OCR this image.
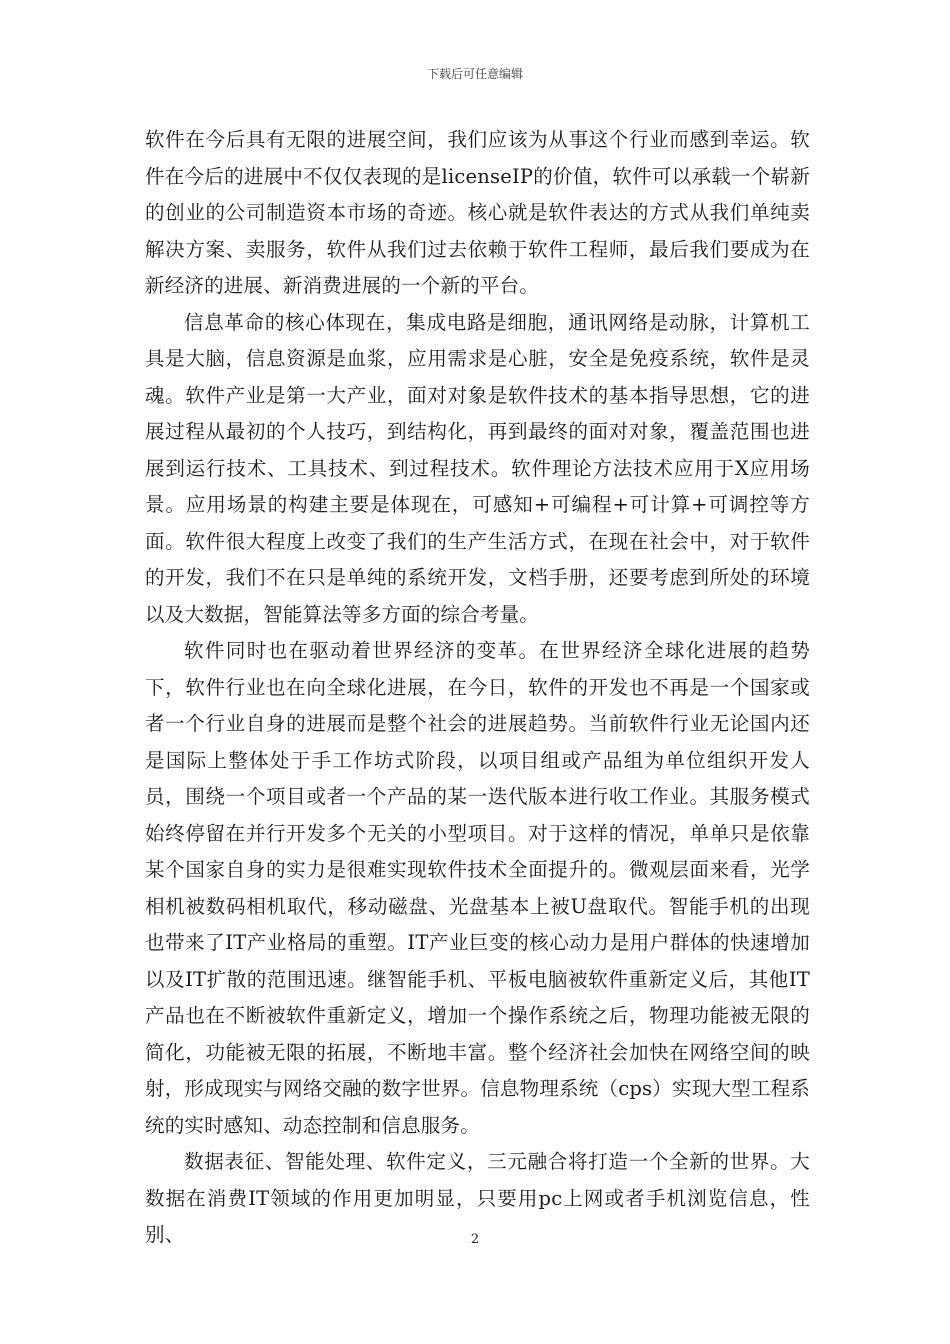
下载后可任意编辑

软件在今后具有无限的进展空间，我们应该为从事这个行业而感到幸运。软件在今后的进展中不仅仅表现的是licenseIP的价值，软件可以承载一个崭新的创业的公司制造资本市场的奇迹。核心就是软件表达的方式从我们单纯卖解决方案、卖服务，软件从我们过去依赖于软件工程师，最后我们要成为在新经济的进展、新消费进展的一个新的平台。

信息革命的核心体现在，集成电路是细胞，通讯网络是动脉，计算机工具是大脑，信息资源是血浆，应用需求是心脏，安全是免疫系统，软件是灵魂。软件产业是第一大产业，面对对象是软件技术的基本指导思想，它的进展过程从最初的个人技巧，到结构化，再到最终的面对对象，覆盖范围也进展到运行技术、工具技术、到过程技术。软件理论方法技术应用于X应用场景。应用场景的构建主要是体现在，可感知+可编程+可计算+可调控等方面。软件很大程度上改变了我们的生产生活方式，在现在社会中，对于软件的开发，我们不在只是单纯的系统开发，文档手册，还要考虑到所处的环境以及大数据，智能算法等多方面的综合考量。

软件同时也在驱动着世界经济的变革。在世界经济全球化进展的趋势下，软件行业也在向全球化进展，在今日，软件的开发也不再是一个国家或者一个行业自身的进展而是整个社会的进展趋势。当前软件行业无论国内还是国际上整体处于手工作坊式阶段，以项目组或产品组为单位组织开发人员，围绕一个项目或者一个产品的某一迭代版本进行收工作业。其服务模式始终停留在并行开发多个无关的小型项目。对于这样的情况，单单只是依靠某个国家自身的实力是很难实现软件技术全面提升的。微观层面来看，光学相机被数码相机取代，移动磁盘、光盘基本上被U盘取代。智能手机的出现也带来了IT产业格局的重塑。IT产业巨变的核心动力是用户群体的快速增加以及IT扩散的范围迅速。继智能手机、平板电脑被软件重新定义后，其他IT产品也在不断被软件重新定义，增加一个操作系统之后，物理功能被无限的简化，功能被无限的拓展，不断地丰富。整个经济社会加快在网络空间的映射，形成现实与网络交融的数字世界。信息物理系统（cps）实现大型工程系统的实时感知、动态控制和信息服务。

数据表征、智能处理、软件定义，三元融合将打造一个全新的世界。大数据在消费IT领域的作用更加明显，只要用pc上网或者手机浏览信息，性别、	2
